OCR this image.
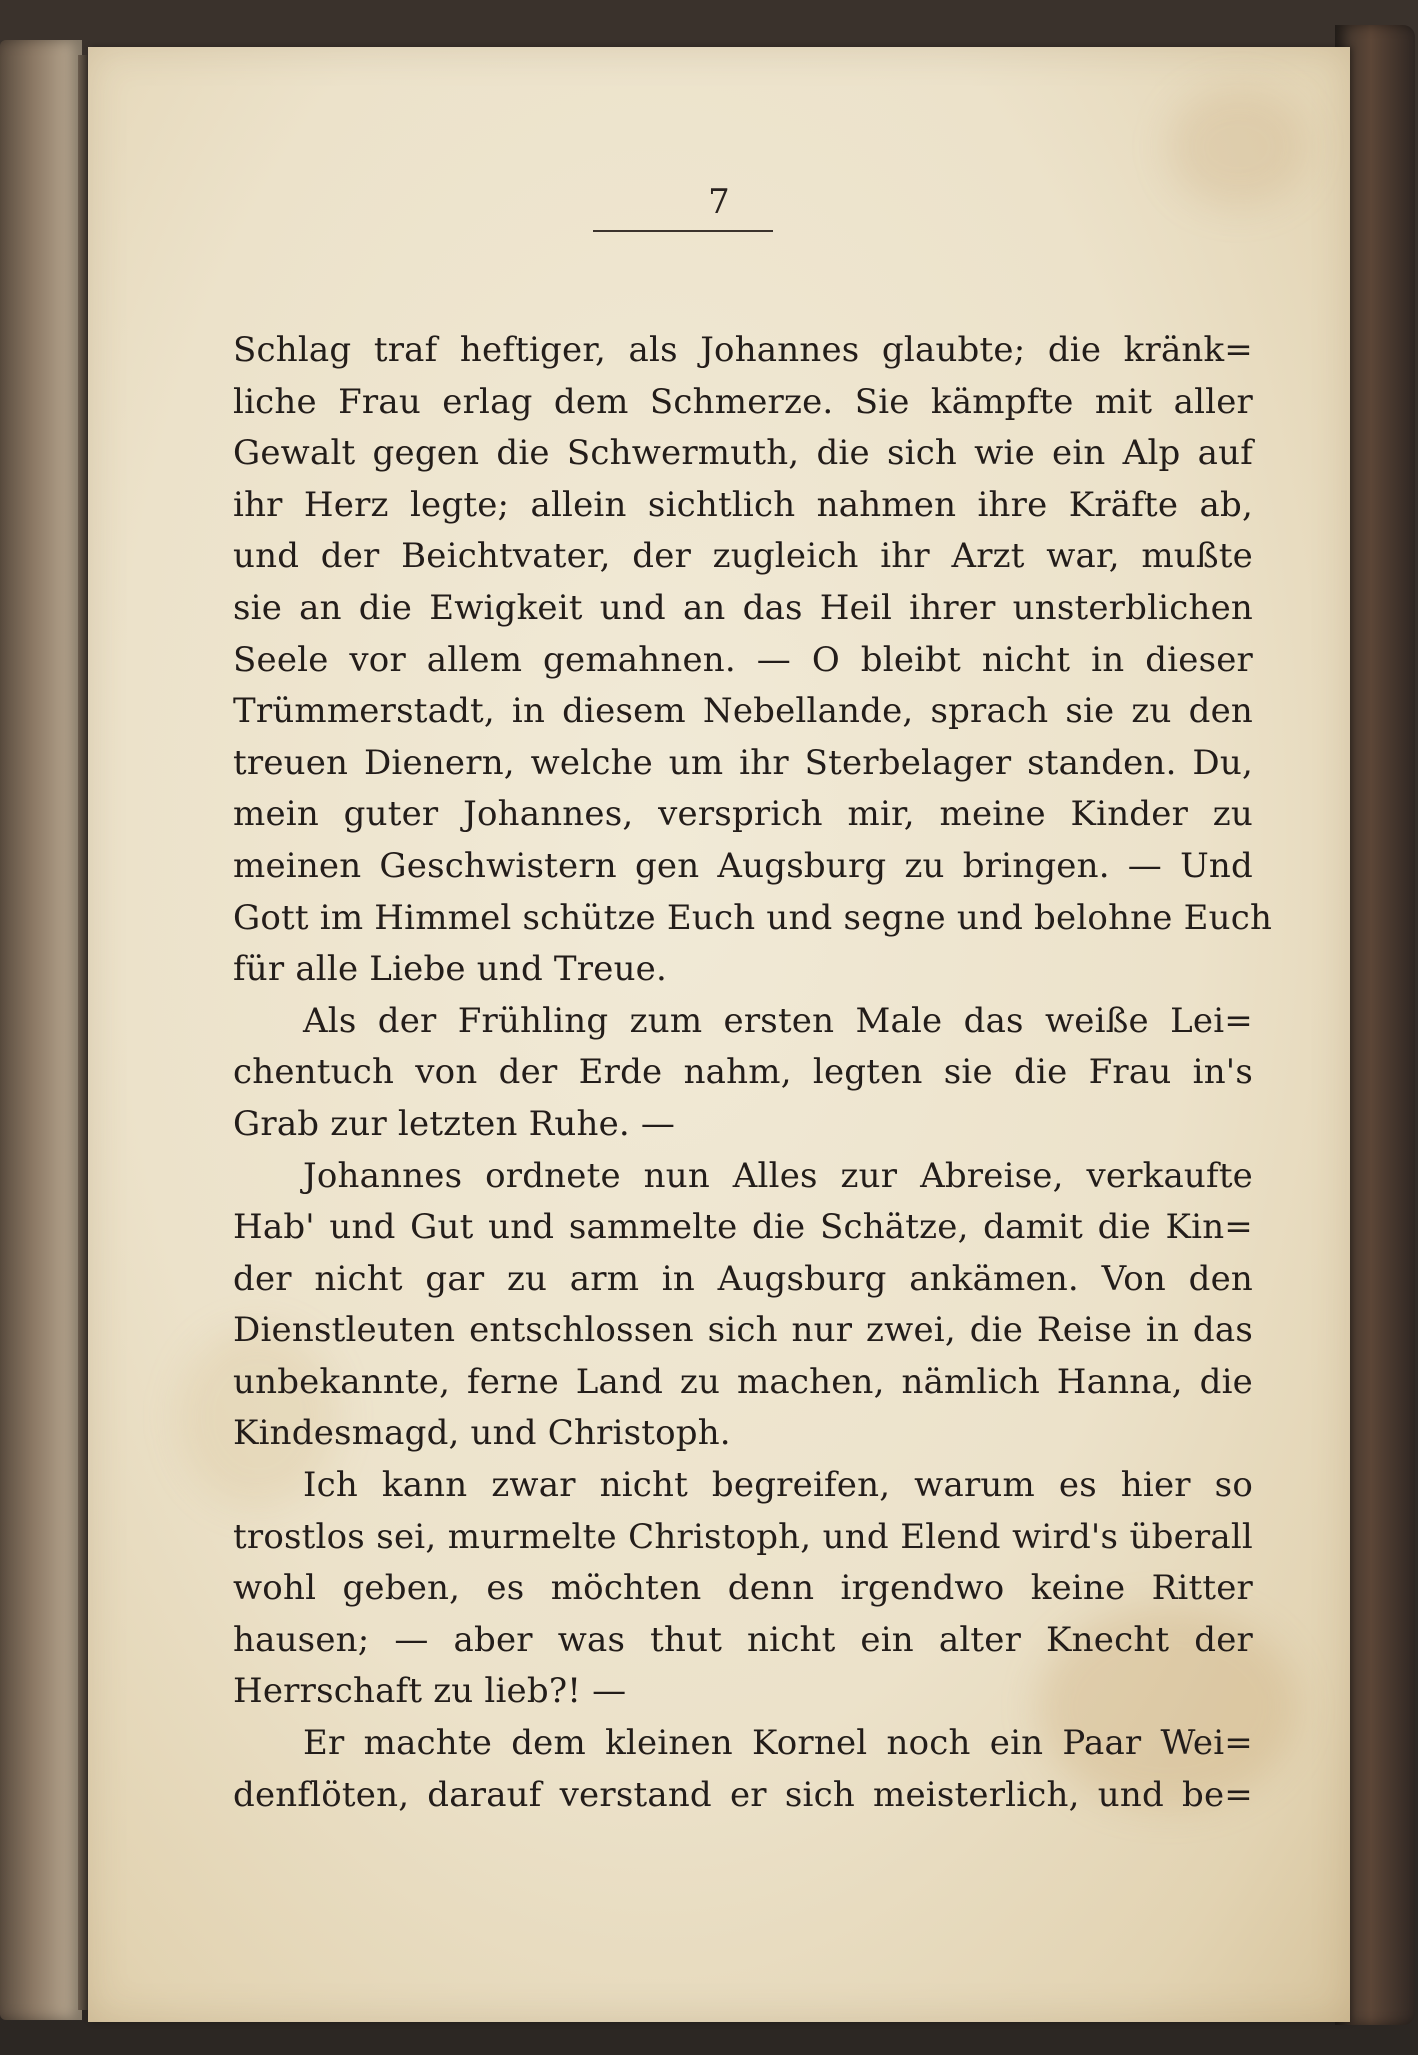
7
Schlag traf heftiger, als Johannes glaubte; die kränk=
liche Frau erlag dem Schmerze. Sie kämpfte mit aller
Gewalt gegen die Schwermuth, die sich wie ein Alp auf
ihr Herz legte; allein sichtlich nahmen ihre Kräfte ab,
und der Beichtvater, der zugleich ihr Arzt war, mußte
sie an die Ewigkeit und an das Heil ihrer unsterblichen
Seele vor allem gemahnen. — O bleibt nicht in dieser
Trümmerstadt, in diesem Nebellande, sprach sie zu den
treuen Dienern, welche um ihr Sterbelager standen. Du,
mein guter Johannes, versprich mir, meine Kinder zu
meinen Geschwistern gen Augsburg zu bringen. — Und
Gott im Himmel schütze Euch und segne und belohne Euch
für alle Liebe und Treue.
Als der Frühling zum ersten Male das weiße Lei=
chentuch von der Erde nahm, legten sie die Frau in's
Grab zur letzten Ruhe. —
Johannes ordnete nun Alles zur Abreise, verkaufte
Hab' und Gut und sammelte die Schätze, damit die Kin=
der nicht gar zu arm in Augsburg ankämen. Von den
Dienstleuten entschlossen sich nur zwei, die Reise in das
unbekannte, ferne Land zu machen, nämlich Hanna, die
Kindesmagd, und Christoph.
Ich kann zwar nicht begreifen, warum es hier so
trostlos sei, murmelte Christoph, und Elend wird's überall
wohl geben, es möchten denn irgendwo keine Ritter
hausen; — aber was thut nicht ein alter Knecht der
Herrschaft zu lieb?! —
Er machte dem kleinen Kornel noch ein Paar Wei=
denflöten, darauf verstand er sich meisterlich, und be=
